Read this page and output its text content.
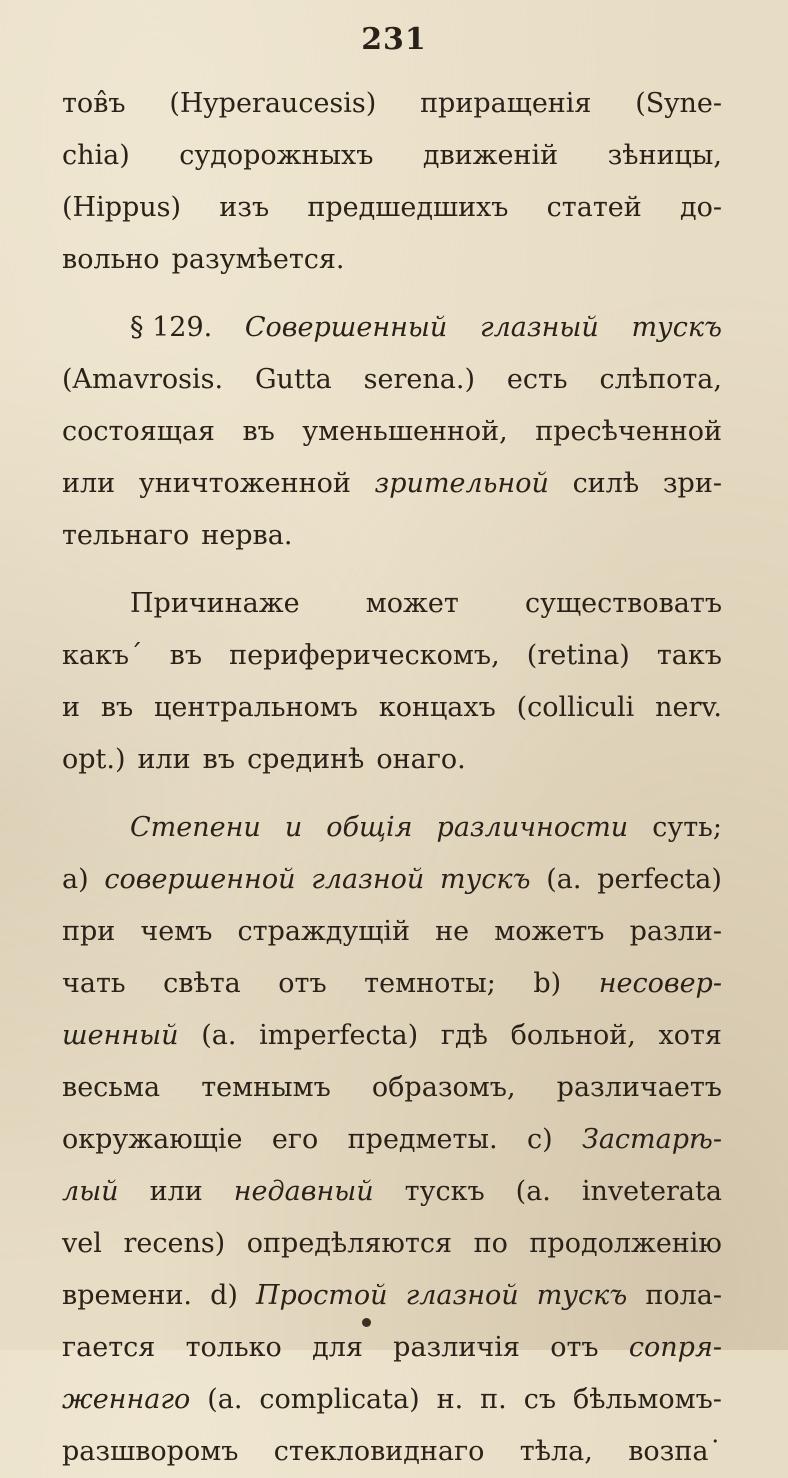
231
тов̂ъ (Hyperaucesis) приращенія (Syne-
chia) судорожныхъ движеній зѣницы,
(Hippus) изъ предшедшихъ статей до-
вольно разумѣется.
§ 129. Совершенный глазный тускъ
(Amavrosis. Gutta serena.) есть слѣпота,
состоящая въ уменьшенной, пресѣченной
или уничтоженной зрительной силѣ зри-
тельнаго нерва.
Причинаже может существоватъ
какъ´ въ периферическомъ, (retina) такъ
и въ центральномъ концахъ (colliculi nerv.
opt.) или въ срединѣ онаго.
Степени и общія различности суть;
a) совершенной глазной тускъ (a. perfecta)
при чемъ страждущій не можетъ разли-
чать свѣта отъ темноты; b) несовер-
шенный (a. imperfecta) гдѣ больной, хотя
весьма темнымъ образомъ, различаетъ
окружающіе его предметы. c) Застарѣ-
лый или недавный тускъ (a. inveterata
vel recens) опредѣляются по продолженію
времени. d) Простой глазной тускъ пола-
гается только для различія отъ сопря-
женнаго (a. complicata) н. п. съ бѣльмомъ-
разшворомъ стекловиднаго тѣла, возпа˙
